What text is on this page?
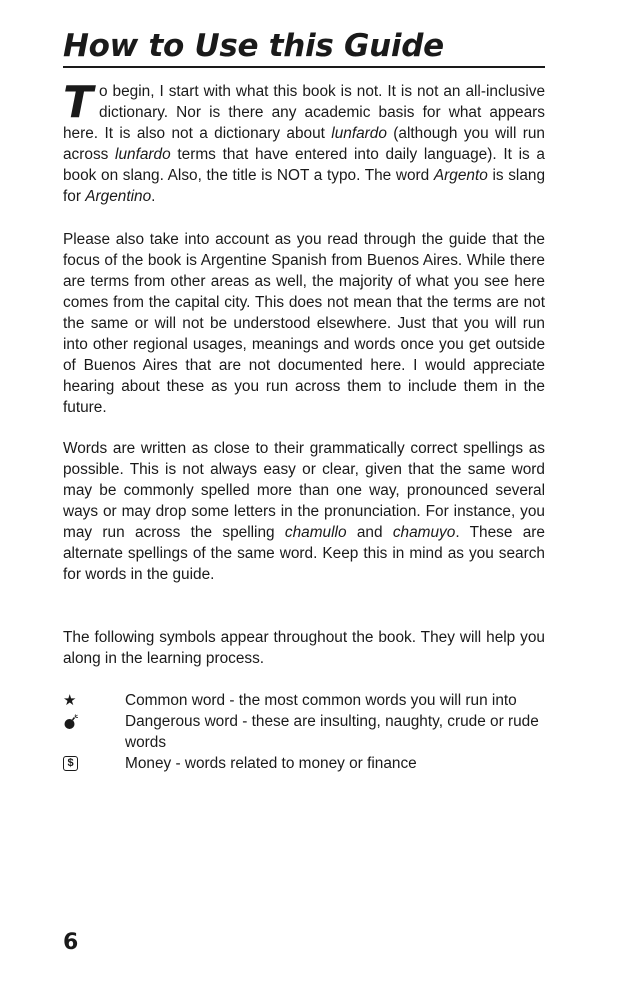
How to Use this Guide

To begin, I start with what this book is not. It is not an all-inclusive dictionary. Nor is there any academic basis for what appears here. It is also not a dictionary about lunfardo (although you will run across lunfardo terms that have entered into daily language). It is a book on slang. Also, the title is NOT a typo. The word Argento is slang for Argentino.

Please also take into account as you read through the guide that the focus of the book is Argentine Spanish from Buenos Aires. While there are terms from other areas as well, the majority of what you see here comes from the capital city. This does not mean that the terms are not the same or will not be understood elsewhere. Just that you will run into other regional usages, meanings and words once you get outside of Buenos Aires that are not documented here. I would appreciate hearing about these as you run across them to include them in the future.

Words are written as close to their grammatically correct spellings as possible. This is not always easy or clear, given that the same word may be commonly spelled more than one way, pronounced several ways or may drop some letters in the pronunciation. For instance, you may run across the spelling chamullo and chamuyo. These are alternate spellings of the same word. Keep this in mind as you search for words in the guide.

The following symbols appear throughout the book. They will help you along in the learning process.

★	Common word - the most common words you will run into
Dangerous word - these are insulting, naughty, crude or rude words
$	Money - words related to money or finance
6
